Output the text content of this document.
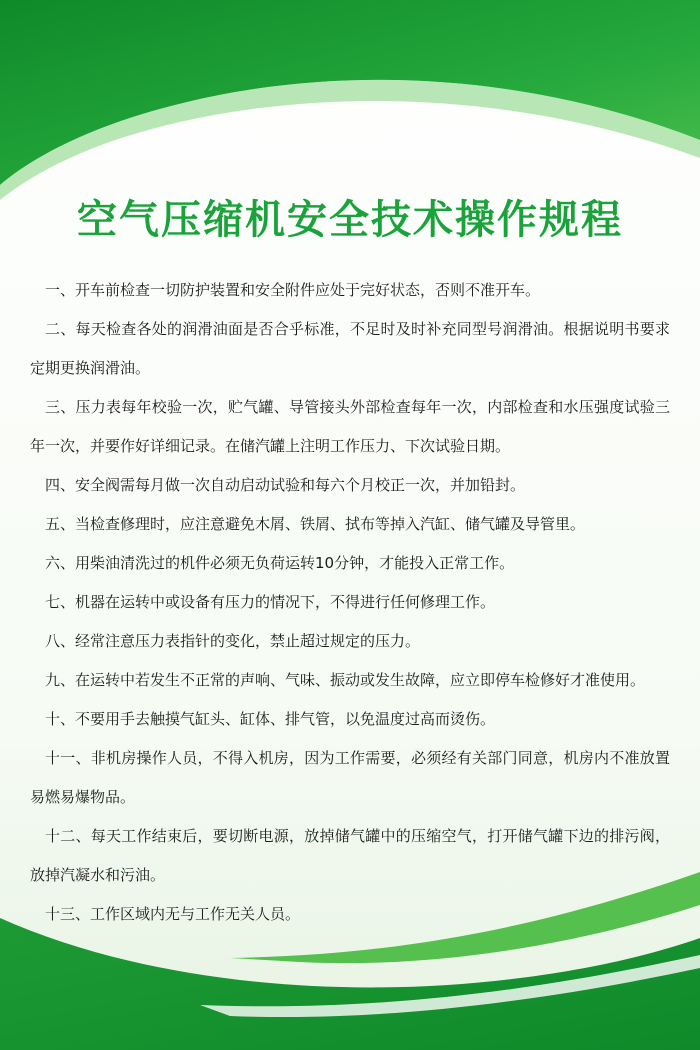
空气压缩机安全技术操作规程
一、开车前检查一切防护装置和安全附件应处于完好状态，否则不准开车。
二、每天检查各处的润滑油面是否合乎标准，不足时及时补充同型号润滑油。根据说明书要求定期更换润滑油。
三、压力表每年校验一次，贮气罐、导管接头外部检查每年一次，内部检查和水压强度试验三年一次，并要作好详细记录。在储汽罐上注明工作压力、下次试验日期。
四、安全阀需每月做一次自动启动试验和每六个月校正一次，并加铅封。
五、当检查修理时，应注意避免木屑、铁屑、拭布等掉入汽缸、储气罐及导管里。
六、用柴油清洗过的机件必须无负荷运转10分钟，才能投入正常工作。
七、机器在运转中或设备有压力的情况下，不得进行任何修理工作。
八、经常注意压力表指针的变化，禁止超过规定的压力。
九、在运转中若发生不正常的声响、气味、振动或发生故障，应立即停车检修好才准使用。
十、不要用手去触摸气缸头、缸体、排气管，以免温度过高而烫伤。
十一、非机房操作人员，不得入机房，因为工作需要，必须经有关部门同意，机房内不准放置易燃易爆物品。
十二、每天工作结束后，要切断电源，放掉储气罐中的压缩空气，打开储气罐下边的排污阀，放掉汽凝水和污油。
十三、工作区域内无与工作无关人员。
